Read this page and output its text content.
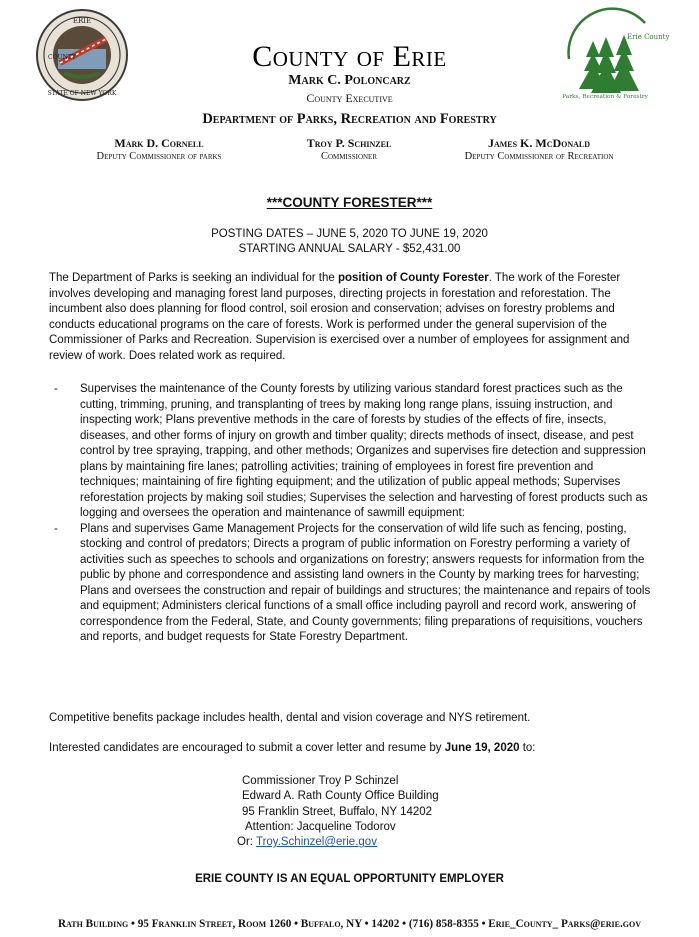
ERIE
STATE OF NEW YORK
COUNTY
Erie County
Parks, Recreation & Forestry
County of Erie
Mark C. Poloncarz
County Executive
Department of Parks, Recreation and Forestry
Mark D. Cornell
Deputy Commissioner of parks
Troy P. Schinzel
Commissioner
James K. McDonald
Deputy Commissioner of Recreation
***COUNTY FORESTER***
POSTING DATES – JUNE 5, 2020 TO JUNE 19, 2020
STARTING ANNUAL SALARY - $52,431.00
The Department of Parks is seeking an individual for the position of County Forester. The work of the Forester involves developing and managing forest land purposes, directing projects in forestation and reforestation. The incumbent also does planning for flood control, soil erosion and conservation; advises on forestry problems and conducts educational programs on the care of forests. Work is performed under the general supervision of the Commissioner of Parks and Recreation. Supervision is exercised over a number of employees for assignment and review of work. Does related work as required.
- Supervises the maintenance of the County forests by utilizing various standard forest practices such as the cutting, trimming, pruning, and transplanting of trees by making long range plans, issuing instruction, and inspecting work; Plans preventive methods in the care of forests by studies of the effects of fire, insects, diseases, and other forms of injury on growth and timber quality; directs methods of insect, disease, and pest control by tree spraying, trapping, and other methods; Organizes and supervises fire detection and suppression plans by maintaining fire lanes; patrolling activities; training of employees in forest fire prevention and techniques; maintaining of fire fighting equipment; and the utilization of public appeal methods; Supervises reforestation projects by making soil studies; Supervises the selection and harvesting of forest products such as logging and oversees the operation and maintenance of sawmill equipment:
- Plans and supervises Game Management Projects for the conservation of wild life such as fencing, posting, stocking and control of predators; Directs a program of public information on Forestry performing a variety of activities such as speeches to schools and organizations on forestry; answers requests for information from the public by phone and correspondence and assisting land owners in the County by marking trees for harvesting; Plans and oversees the construction and repair of buildings and structures; the maintenance and repairs of tools and equipment; Administers clerical functions of a small office including payroll and record work, answering of correspondence from the Federal, State, and County governments; filing preparations of requisitions, vouchers and reports, and budget requests for State Forestry Department.
Competitive benefits package includes health, dental and vision coverage and NYS retirement.
Interested candidates are encouraged to submit a cover letter and resume by June 19, 2020 to:
Commissioner Troy P Schinzel
Edward A. Rath County Office Building
95 Franklin Street, Buffalo, NY 14202
Attention: Jacqueline Todorov
Or: Troy.Schinzel@erie.gov
ERIE COUNTY IS AN EQUAL OPPORTUNITY EMPLOYER
Rath Building • 95 Franklin Street, Room 1260 • Buffalo, NY • 14202 • (716) 858-8355 • Erie_County_ Parks@erie.gov
